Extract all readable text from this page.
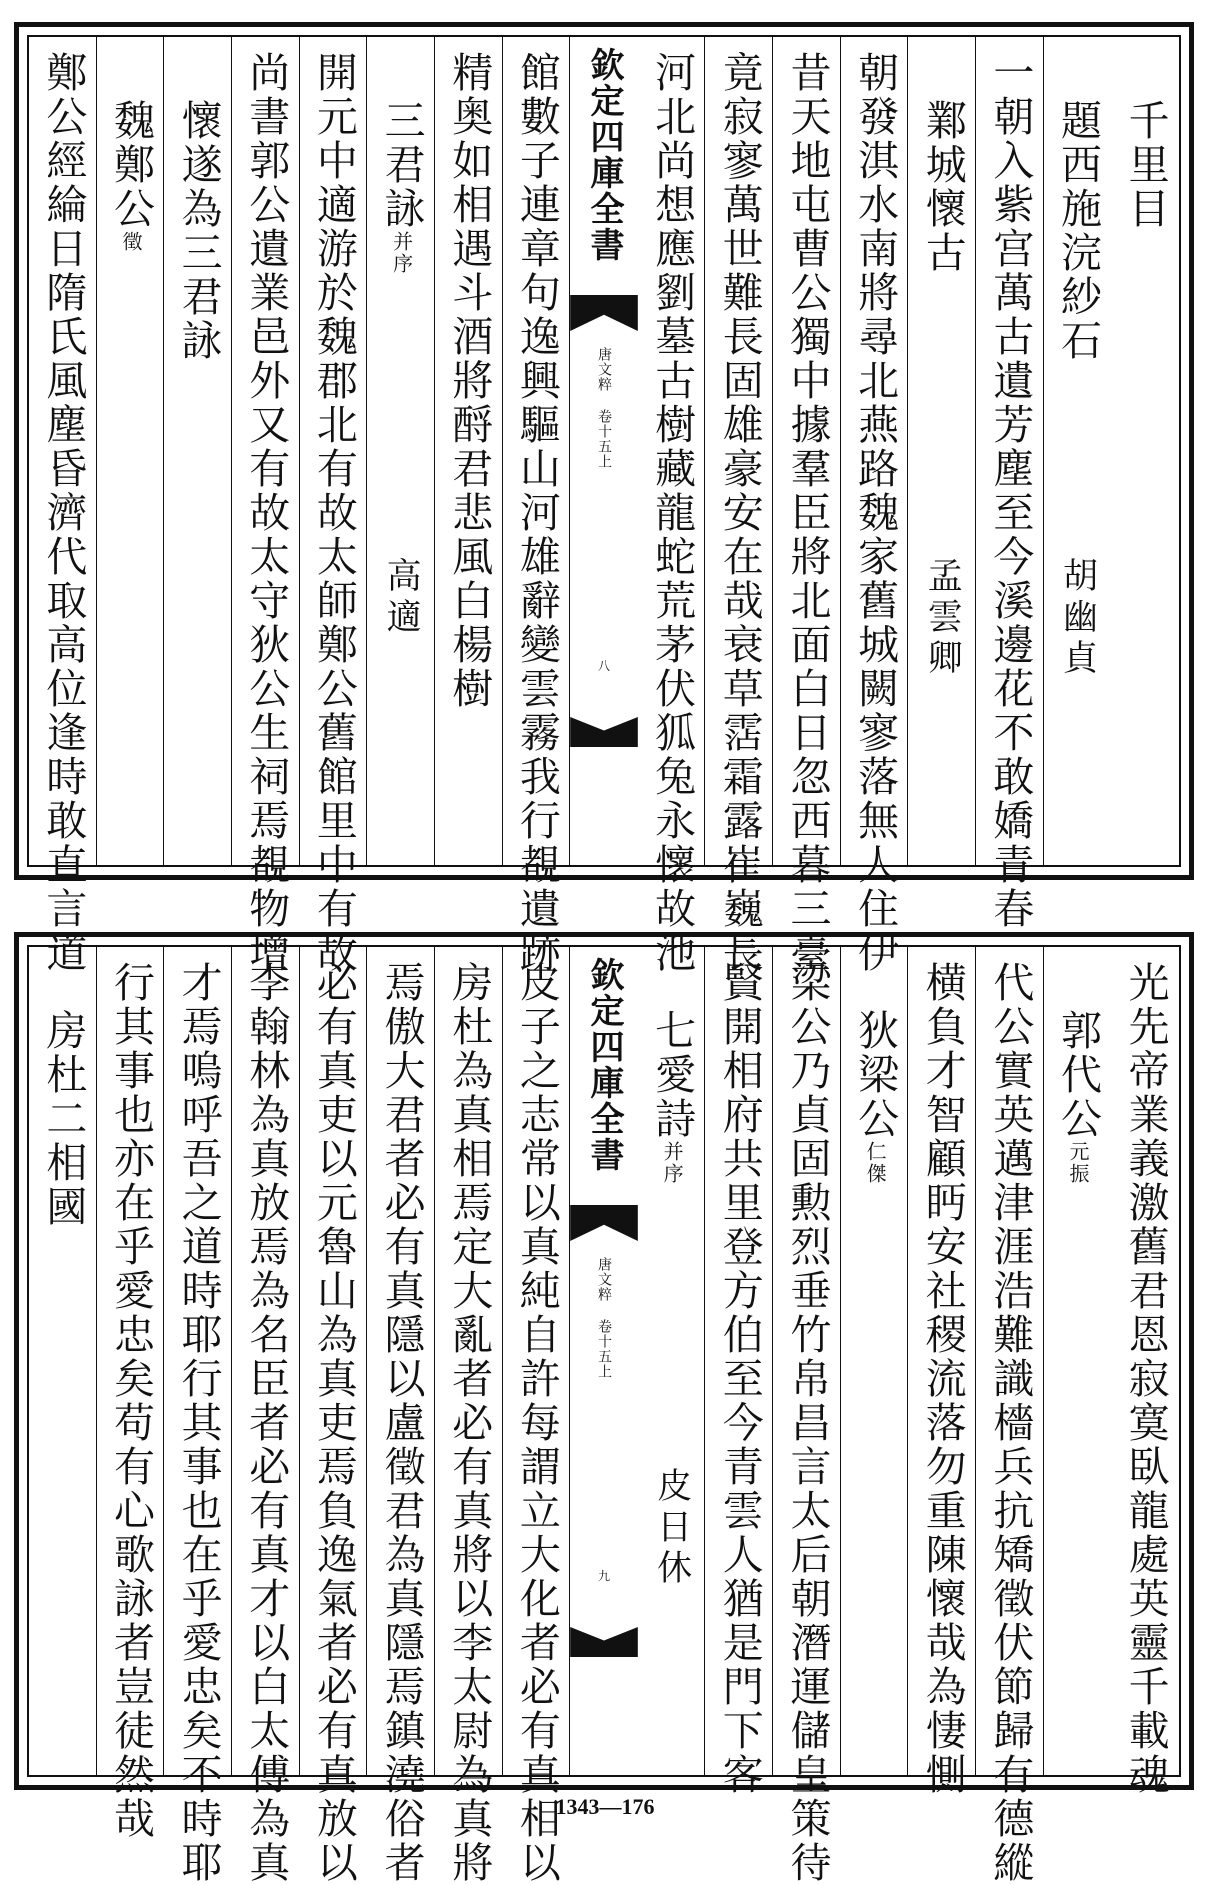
千里目
題西施浣紗石
胡幽貞
一朝入紫宫萬古遺芳塵至今溪邊花不敢嬌青春
鄴城懷古
孟雲卿
朝發淇水南將尋北燕路魏家舊城闕寥落無人住伊
昔天地屯曹公獨中據羣臣將北面白日忽西暮三臺
竟寂寥萬世難長固雄豪安在哉衰草霑霜露崔巍長
河北尚想應劉墓古樹藏龍蛇荒茅伏狐兔永懷故池
欽定四庫全書
唐文粹 卷十五上
八
館數子連章句逸興驅山河雄辭變雲霧我行覩遺跡
精奥如相遇斗酒將酹君悲風白楊樹
三君詠并序
高適
開元中適游於魏郡北有故太師鄭公舊館里中有故
尚書郭公遺業邑外又有故太守狄公生祠焉覩物增
懷遂為三君詠
魏鄭公徵
鄭公經綸日隋氏風塵昏濟代取高位逢時敢直言道
光先帝業義激舊君恩寂寞臥龍處英靈千載魂
郭代公元振
代公實英邁津涯浩難識檣兵抗矯徵伏節歸有德縱
横負才智顧眄安社稷流落勿重陳懷哉為悽惻
狄梁公仁傑
梁公乃貞固勲烈垂竹帛昌言太后朝潛運儲皇策待
賢開相府共里登方伯至今青雲人猶是門下客
七愛詩并序
皮日休
欽定四庫全書
唐文粹 卷十五上
九
皮子之志常以真純自許每謂立大化者必有真相以
房杜為真相焉定大亂者必有真將以李太尉為真將
焉傲大君者必有真隱以盧徵君為真隱焉鎮澆俗者
必有真吏以元魯山為真吏焉負逸氣者必有真放以
李翰林為真放焉為名臣者必有真才以白太傅為真
才焉嗚呼吾之道時耶行其事也在乎愛忠矣不時耶
行其事也亦在乎愛忠矣苟有心歌詠者豈徒然哉
房杜二相國
1343—176
